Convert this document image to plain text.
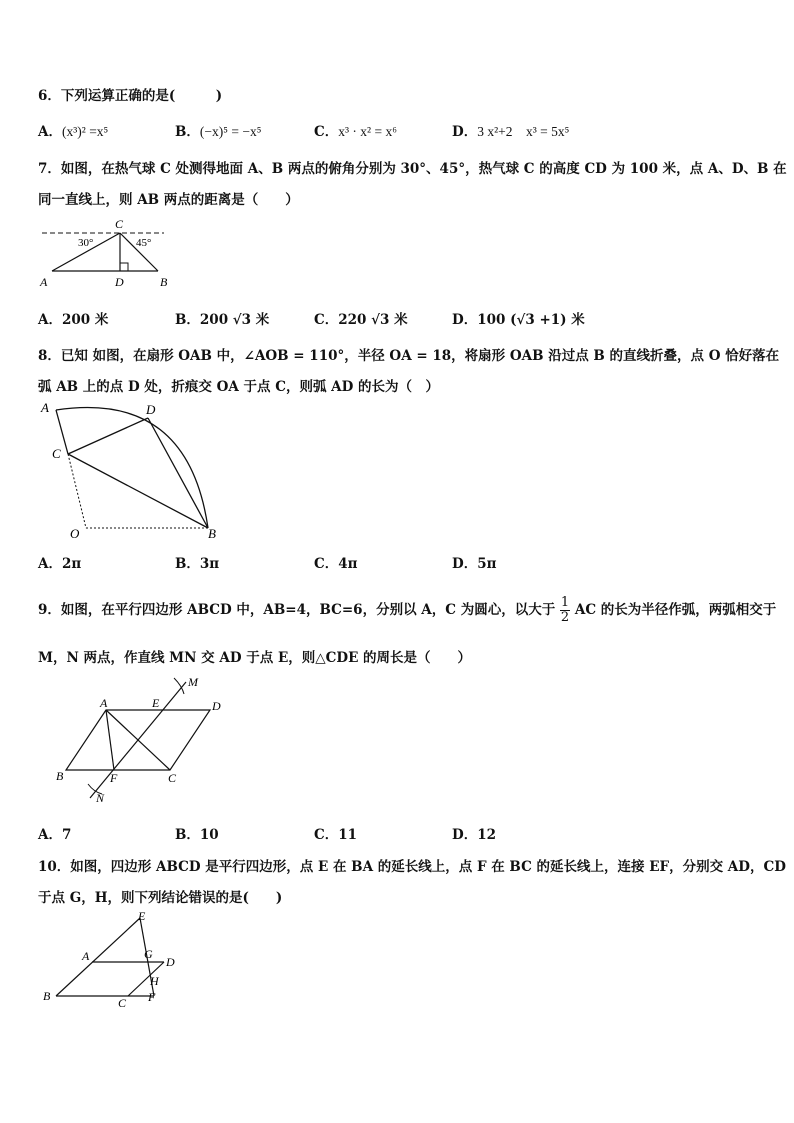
6．下列运算正确的是(　　　)
A．(x³)² =x⁵	B．(−x)⁵ = −x⁵	C．x³ · x² = x⁶	D．3 x²+2　x³ = 5x⁵
7．如图，在热气球 C 处测得地面 A、B 两点的俯角分别为 30°、45°，热气球 C 的高度 CD 为 100 米，点 A、D、B 在
同一直线上，则 AB 两点的距离是（　　）
C
A	D	B
30°	45°
A．200 米	B．200 √3 米	C．220 √3 米	D．100 (√3 +1) 米
8．已知 如图，在扇形 OAB 中，∠AOB = 110°，半径 OA = 18，将扇形 OAB 沿过点 B 的直线折叠，点 O 恰好落在
弧 AB 上的点 D 处，折痕交 OA 于点 C，则弧 AD 的长为（　）
A	D
C
O	B
A．2π	B．3π	C．4π	D．5π
9．如图，在平行四边形 ABCD 中，AB=4，BC=6，分别以 A，C 为圆心，以大于 $\frac{1}{2}$ AC 的长为半径作弧，两弧相交于
M，N 两点，作直线 MN 交 AD 于点 E，则△CDE 的周长是（　　）
A	E	D
M
B	F	C
N
A．7	B．10	C．11	D．12
10．如图，四边形 ABCD 是平行四边形，点 E 在 BA 的延长线上，点 F 在 BC 的延长线上，连接 EF，分别交 AD，CD
于点 G，H，则下列结论错误的是(　　)
E
A	G
D
H
B	C F
